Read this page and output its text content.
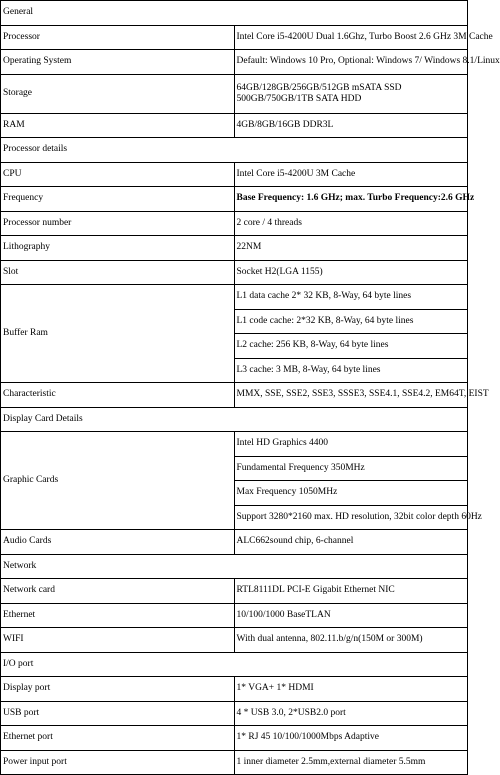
General	
Processor	Intel Core i5-4200U Dual 1.6Ghz, Turbo Boost 2.6 GHz 3M Cache
Operating System	Default: Windows 10 Pro, Optional: Windows 7/ Windows 8.1/Linux
Storage	64GB/128GB/256GB/512GB mSATA SSD
500GB/750GB/1TB SATA HDD

RAM	4GB/8GB/16GB DDR3L
Processor details	
CPU	Intel Core i5-4200U 3M Cache
Frequency	Base Frequency: 1.6 GHz; max. Turbo Frequency:2.6 GHz
Processor number	2 core / 4 threads
Lithography	22NM
Slot	Socket H2(LGA 1155)
Buffer Ram	L1 data cache 2* 32 KB, 8-Way, 64 byte lines
	L1 code cache: 2*32 KB, 8-Way, 64 byte lines
	L2 cache: 256 KB, 8-Way, 64 byte lines
	L3 cache: 3 MB, 8-Way, 64 byte lines
Characteristic	MMX, SSE, SSE2, SSE3, SSSE3, SSE4.1, SSE4.2, EM64T, EIST
Display Card Details	
Graphic Cards	Intel HD Graphics 4400
	Fundamental Frequency 350MHz
	Max Frequency 1050MHz
	Support 3280*2160 max. HD resolution, 32bit color depth 60Hz
Audio Cards	ALC662sound chip, 6-channel
Network	
Network card	RTL8111DL PCI-E Gigabit Ethernet NIC
Ethernet	10/100/1000 BaseTLAN
WIFI	With dual antenna, 802.11.b/g/n(150M or 300M)
I/O port	
Display port	1* VGA+ 1* HDMI
USB port	4 * USB 3.0, 2*USB2.0 port
Ethernet port	1* RJ 45 10/100/1000Mbps Adaptive
Power input port	1 inner diameter 2.5mm,external diameter 5.5mm
